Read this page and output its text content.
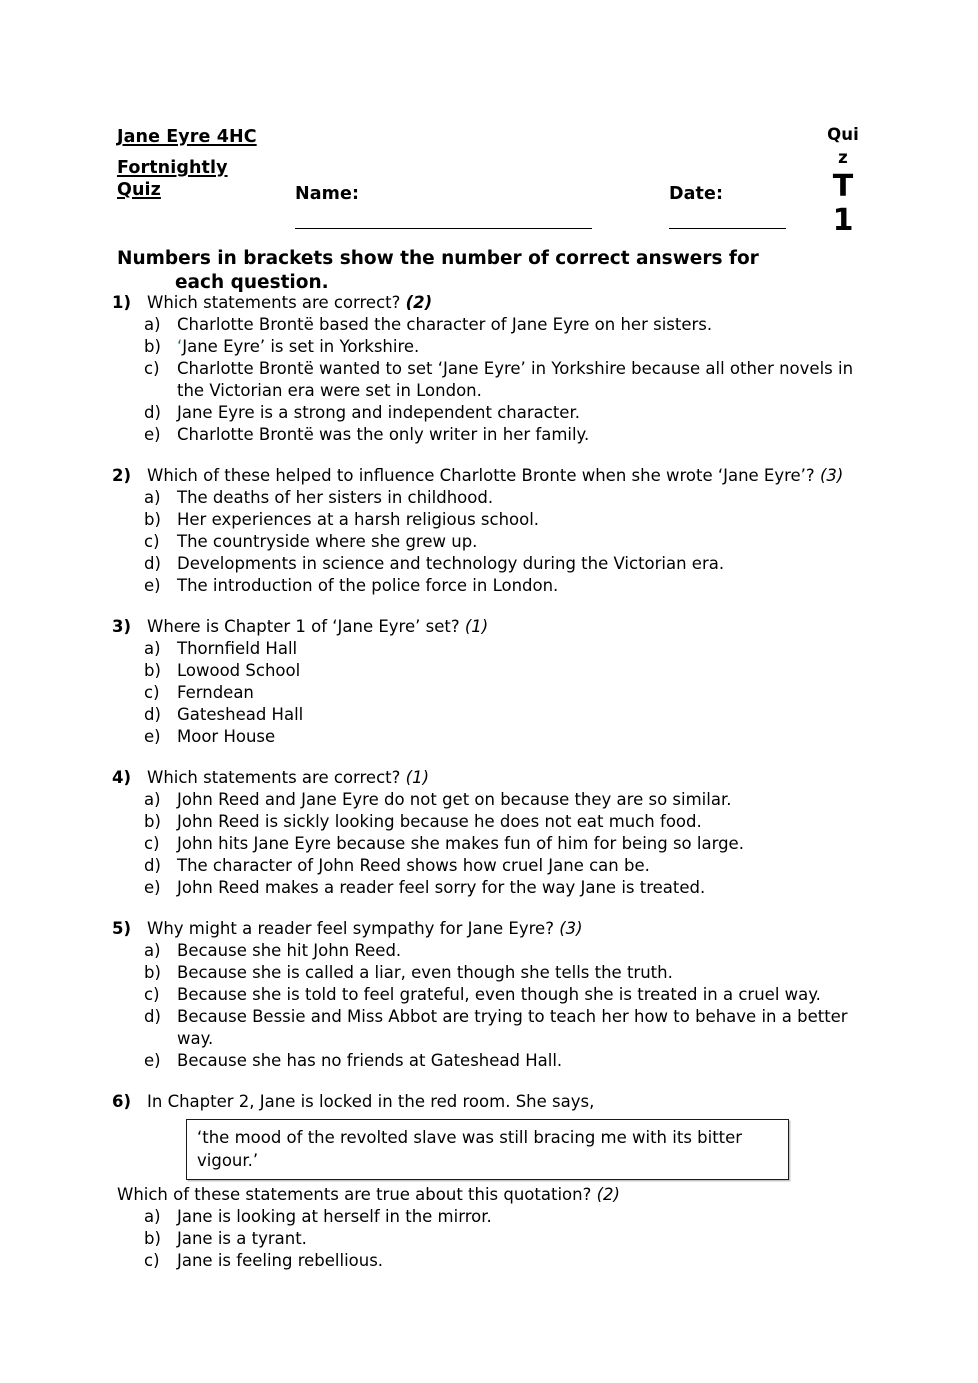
Jane Eyre 4HC
Fortnightly
Quiz	Name:	Date:
Qui
z
T
1
Numbers in brackets show the number of correct answers for
each question.
1) Which statements are correct? (2)
a) Charlotte Brontë based the character of Jane Eyre on her sisters.
b) ‘Jane Eyre’ is set in Yorkshire.
c) Charlotte Brontë wanted to set ‘Jane Eyre’ in Yorkshire because all other novels in the Victorian era were set in London.
d) Jane Eyre is a strong and independent character.
e) Charlotte Brontë was the only writer in her family.
2) Which of these helped to influence Charlotte Bronte when she wrote ‘Jane Eyre’? (3)
a) The deaths of her sisters in childhood.
b) Her experiences at a harsh religious school.
c) The countryside where she grew up.
d) Developments in science and technology during the Victorian era.
e) The introduction of the police force in London.
3) Where is Chapter 1 of ‘Jane Eyre’ set? (1)
a) Thornfield Hall
b) Lowood School
c) Ferndean
d) Gateshead Hall
e) Moor House
4) Which statements are correct? (1)
a) John Reed and Jane Eyre do not get on because they are so similar.
b) John Reed is sickly looking because he does not eat much food.
c) John hits Jane Eyre because she makes fun of him for being so large.
d) The character of John Reed shows how cruel Jane can be.
e) John Reed makes a reader feel sorry for the way Jane is treated.
5) Why might a reader feel sympathy for Jane Eyre? (3)
a) Because she hit John Reed.
b) Because she is called a liar, even though she tells the truth.
c) Because she is told to feel grateful, even though she is treated in a cruel way.
d) Because Bessie and Miss Abbot are trying to teach her how to behave in a better way.
e) Because she has no friends at Gateshead Hall.
6) In Chapter 2, Jane is locked in the red room. She says,
‘the mood of the revolted slave was still bracing me with its bitter vigour.’
Which of these statements are true about this quotation? (2)
a) Jane is looking at herself in the mirror.
b) Jane is a tyrant.
c) Jane is feeling rebellious.
